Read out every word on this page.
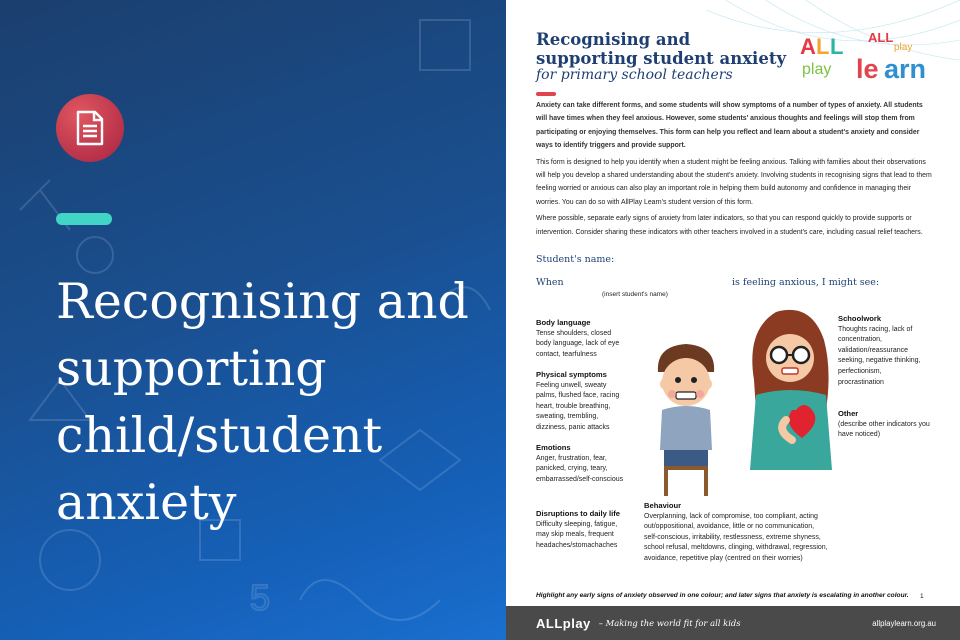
5
Recognising and supporting child/student anxiety
Recognising and supporting student anxiety
for primary school teachers
A L L
play
ALL
play
le arn

Anxiety can take different forms, and some students will show symptoms of a number of types of anxiety. All students will have times when they feel anxious. However, some students' anxious thoughts and feelings will stop them from participating or enjoying themselves. This form can help you reflect and learn about a student's anxiety and consider ways to identify triggers and provide support.

This form is designed to help you identify when a student might be feeling anxious. Talking with families about their observations will help you develop a shared understanding about the student's anxiety. Involving students in recognising signs that lead to them feeling worried or anxious can also play an important role in helping them build autonomy and confidence in managing their worries. You can do so with AllPlay Learn's student version of this form.

Where possible, separate early signs of anxiety from later indicators, so that you can respond quickly to provide supports or intervention. Consider sharing these indicators with other teachers involved in a student's care, including casual relief teachers.

Student's name:
When	is feeling anxious, I might see:
(insert student's name)
Body language
Tense shoulders, closed body language, lack of eye contact, tearfulness
Physical symptoms
Feeling unwell, sweaty palms, flushed face, racing heart, trouble breathing, sweating, trembling, dizziness, panic attacks
Emotions
Anger, frustration, fear, panicked, crying, teary, embarrassed/self-conscious
Disruptions to daily life
Difficulty sleeping, fatigue, may skip meals, frequent headaches/stomachaches
Schoolwork
Thoughts racing, lack of concentration, validation/reassurance seeking, negative thinking, perfectionism, procrastination
Other
(describe other indicators you have noticed)
Behaviour
Overplanning, lack of compromise, too compliant, acting out/oppositional, avoidance, little or no communication, self-conscious, irritability, restlessness, extreme shyness, school refusal, meltdowns, clinging, withdrawal, regression, avoidance, repetitive play (centred on their worries)
Highlight any early signs of anxiety observed in one colour; and later signs that anxiety is escalating in another colour. 1
ALLplay – Making the world fit for all kids	allplaylearn.org.au
